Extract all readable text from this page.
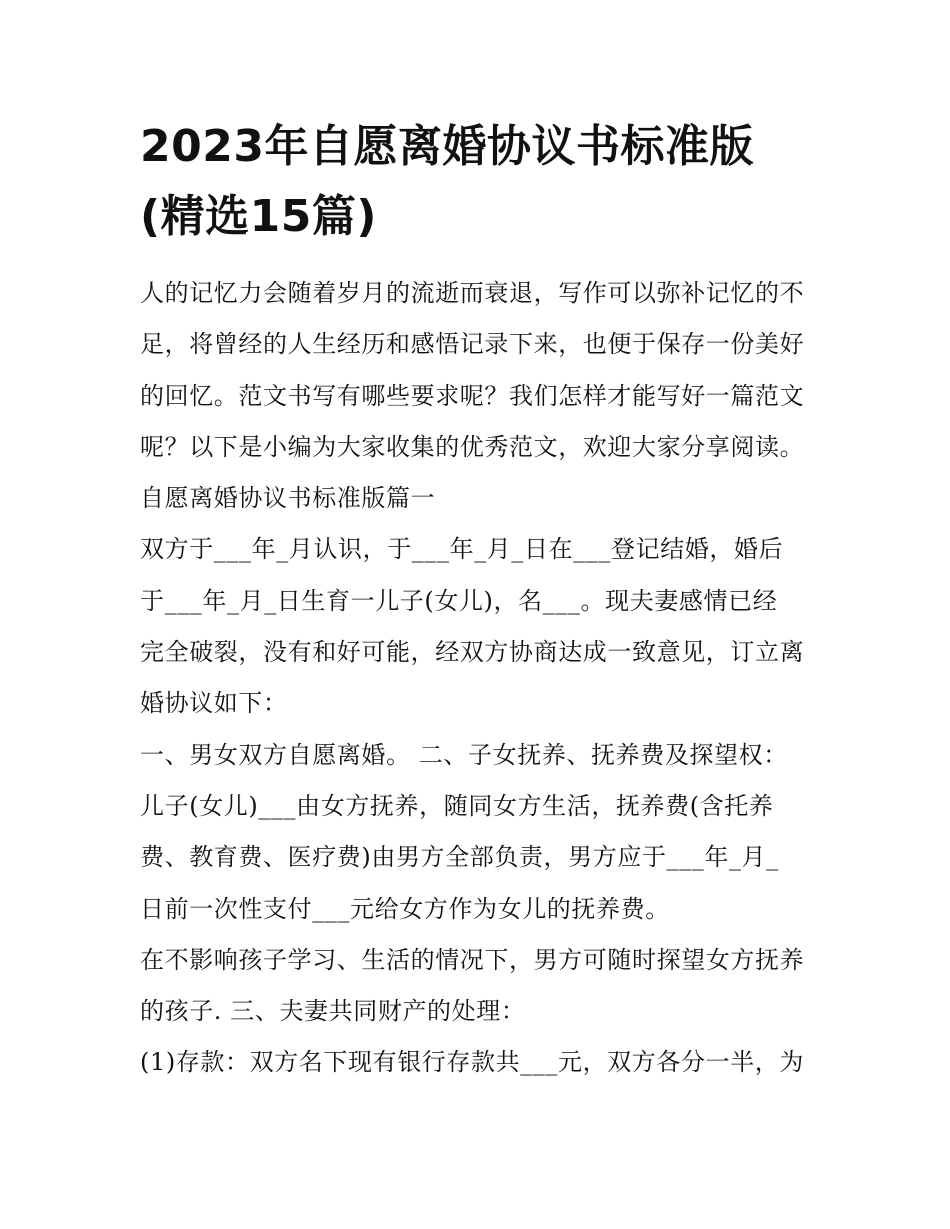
2023年自愿离婚协议书标准版
(精选15篇)
人的记忆力会随着岁月的流逝而衰退，写作可以弥补记忆的不
足，将曾经的人生经历和感悟记录下来，也便于保存一份美好
的回忆。范文书写有哪些要求呢？我们怎样才能写好一篇范文
呢？以下是小编为大家收集的优秀范文，欢迎大家分享阅读。
自愿离婚协议书标准版篇一
双方于___年_月认识，于___年_月_日在___登记结婚，婚后
于___年_月_日生育一儿子(女儿)，名___。现夫妻感情已经
完全破裂，没有和好可能，经双方协商达成一致意见，订立离
婚协议如下：
一、男女双方自愿离婚。 二、子女抚养、抚养费及探望权：
儿子(女儿)___由女方抚养，随同女方生活，抚养费(含托养
费、教育费、医疗费)由男方全部负责，男方应于___年_月_
日前一次性支付___元给女方作为女儿的抚养费。
在不影响孩子学习、生活的情况下，男方可随时探望女方抚养
的孩子. 三、夫妻共同财产的处理：
(1)存款：双方名下现有银行存款共___元，双方各分一半，为
